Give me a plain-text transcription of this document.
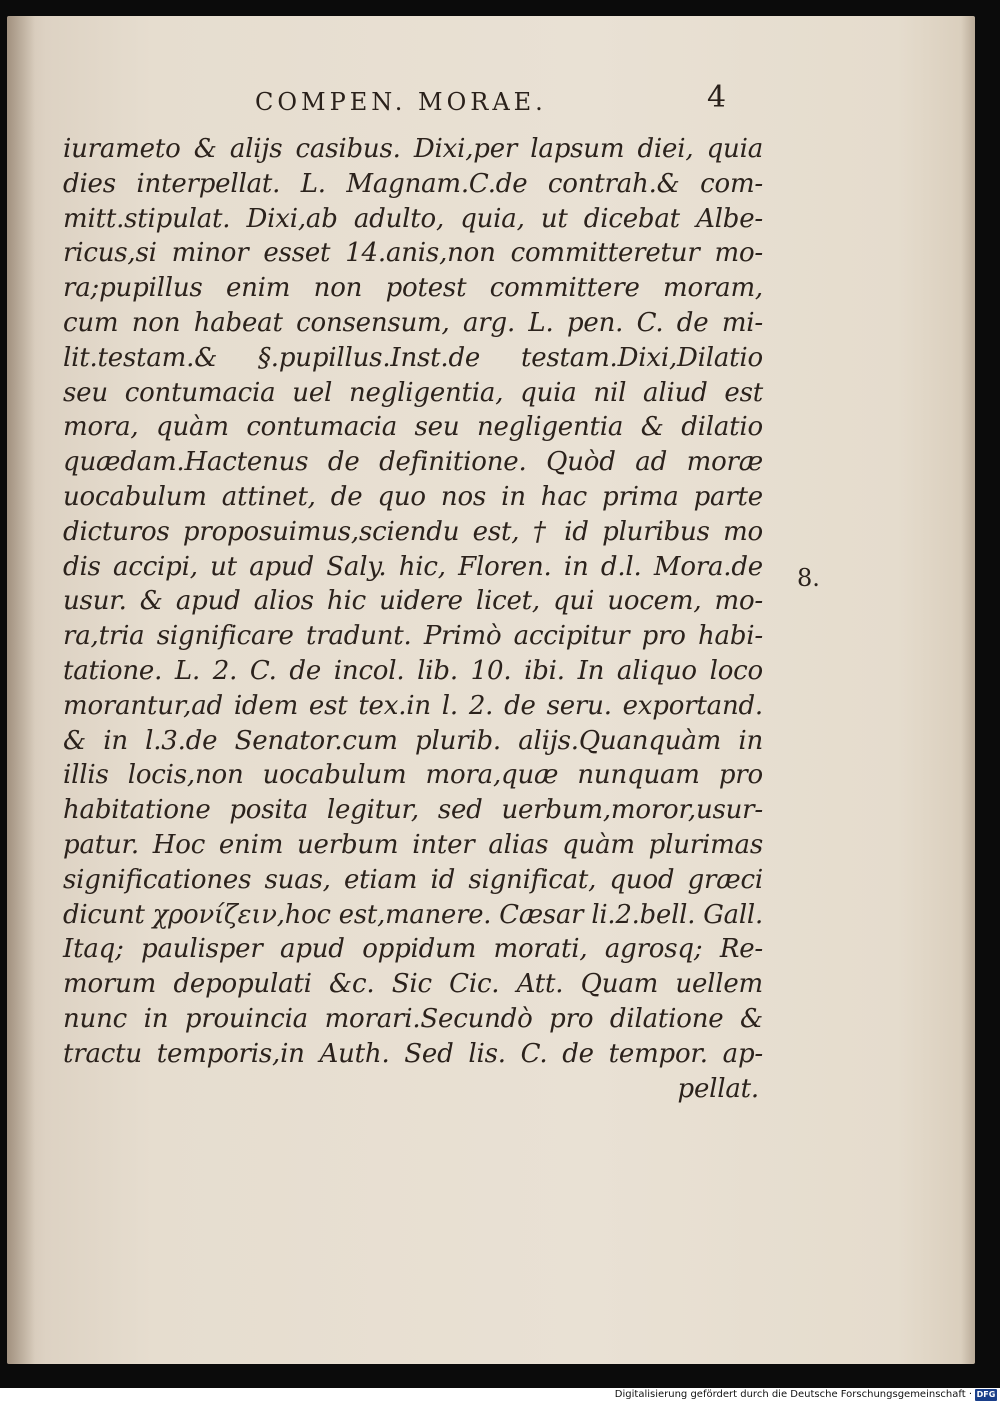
COMPEN. MORAE.	4
iurameto & alijs casibus. Dixi,per lapsum diei, quia
dies interpellat. L. Magnam.C.de contrah.& com-
mitt.stipulat. Dixi,ab adulto, quia, ut dicebat Albe-
ricus,si minor esset 14.anis,non committeretur mo-
ra;pupillus enim non potest committere moram,
cum non habeat consensum, arg. L. pen. C. de mi-
lit.testam.& §.pupillus.Inst.de testam.Dixi,Dilatio
seu contumacia uel negligentia, quia nil aliud est
mora, quàm contumacia seu negligentia & dilatio
quædam.Hactenus de definitione. Quòd ad moræ
uocabulum attinet, de quo nos in hac prima parte
dicturos proposuimus,sciendu est, † id pluribus mo
dis accipi, ut apud Saly. hic, Floren. in d.l. Mora.de
usur. & apud alios hic uidere licet, qui uocem, mo-
ra,tria significare tradunt. Primò accipitur pro habi-
tatione. L. 2. C. de incol. lib. 10. ibi. In aliquo loco
morantur,ad idem est tex.in l. 2. de seru. exportand.
& in l.3.de Senator.cum plurib. alijs.Quanquàm in
illis locis,non uocabulum mora,quæ nunquam pro
habitatione posita legitur, sed uerbum,moror,usur-
patur. Hoc enim uerbum inter alias quàm plurimas
significationes suas, etiam id significat, quod græci
dicunt χρονίζειν,hoc est,manere. Cæsar li.2.bell. Gall.
Itaq; paulisper apud oppidum morati, agrosq; Re-
morum depopulati &c. Sic Cic. Att. Quam uellem
nunc in prouincia morari.Secundò pro dilatione &
tractu temporis,in Auth. Sed lis. C. de tempor. ap-
pellat.
8.
Digitalisierung gefördert durch die Deutsche Forschungsgemeinschaft · DFG
